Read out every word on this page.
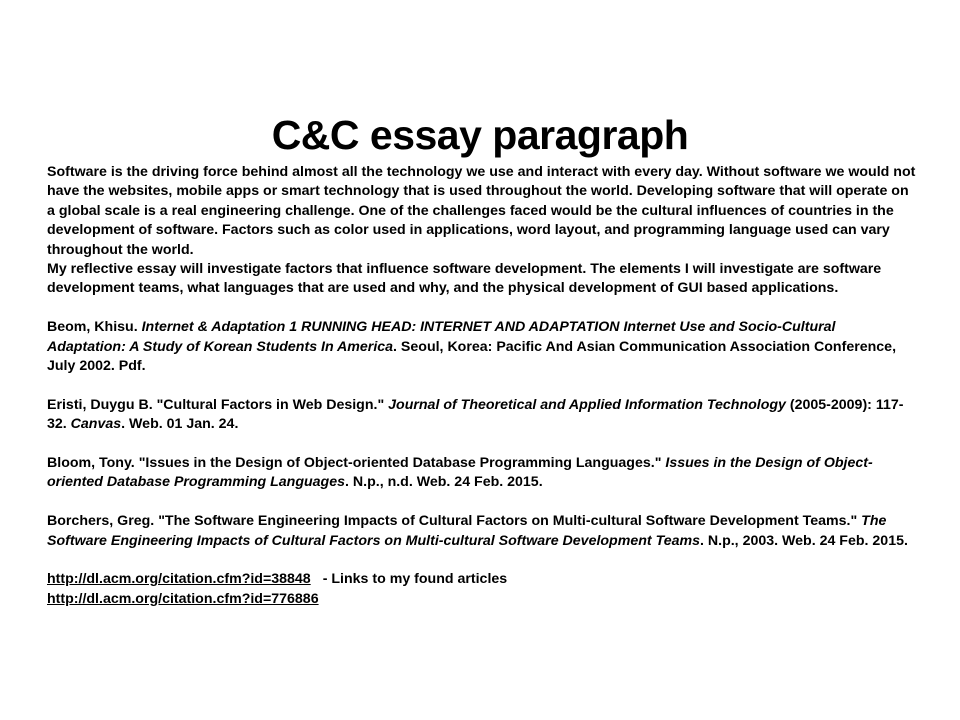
C&C essay paragraph

Software is the driving force behind almost all the technology we use and interact with every day. Without software we would not have the websites, mobile apps or smart technology that is used throughout the world. Developing software that will operate on a global scale is a real engineering challenge. One of the challenges faced would be the cultural influences of countries in the development of software. Factors such as color used in applications, word layout, and programming language used can vary throughout the world.

My reflective essay will investigate factors that influence software development. The elements I will investigate are software development teams, what languages that are used and why, and the physical development of GUI based applications.

Beom, Khisu. Internet & Adaptation 1 RUNNING HEAD: INTERNET AND ADAPTATION Internet Use and Socio-Cultural Adaptation: A Study of Korean Students In America. Seoul, Korea: Pacific And Asian Communication Association Conference, July 2002. Pdf.

Eristi, Duygu B. "Cultural Factors in Web Design." Journal of Theoretical and Applied Information Technology (2005-2009): 117-32. Canvas. Web. 01 Jan. 24.

Bloom, Tony. "Issues in the Design of Object-oriented Database Programming Languages." Issues in the Design of Object-oriented Database Programming Languages. N.p., n.d. Web. 24 Feb. 2015.

Borchers, Greg. "The Software Engineering Impacts of Cultural Factors on Multi-cultural Software Development Teams." The Software Engineering Impacts of Cultural Factors on Multi-cultural Software Development Teams. N.p., 2003. Web. 24 Feb. 2015.

http://dl.acm.org/citation.cfm?id=38848 - Links to my found articles

http://dl.acm.org/citation.cfm?id=776886
